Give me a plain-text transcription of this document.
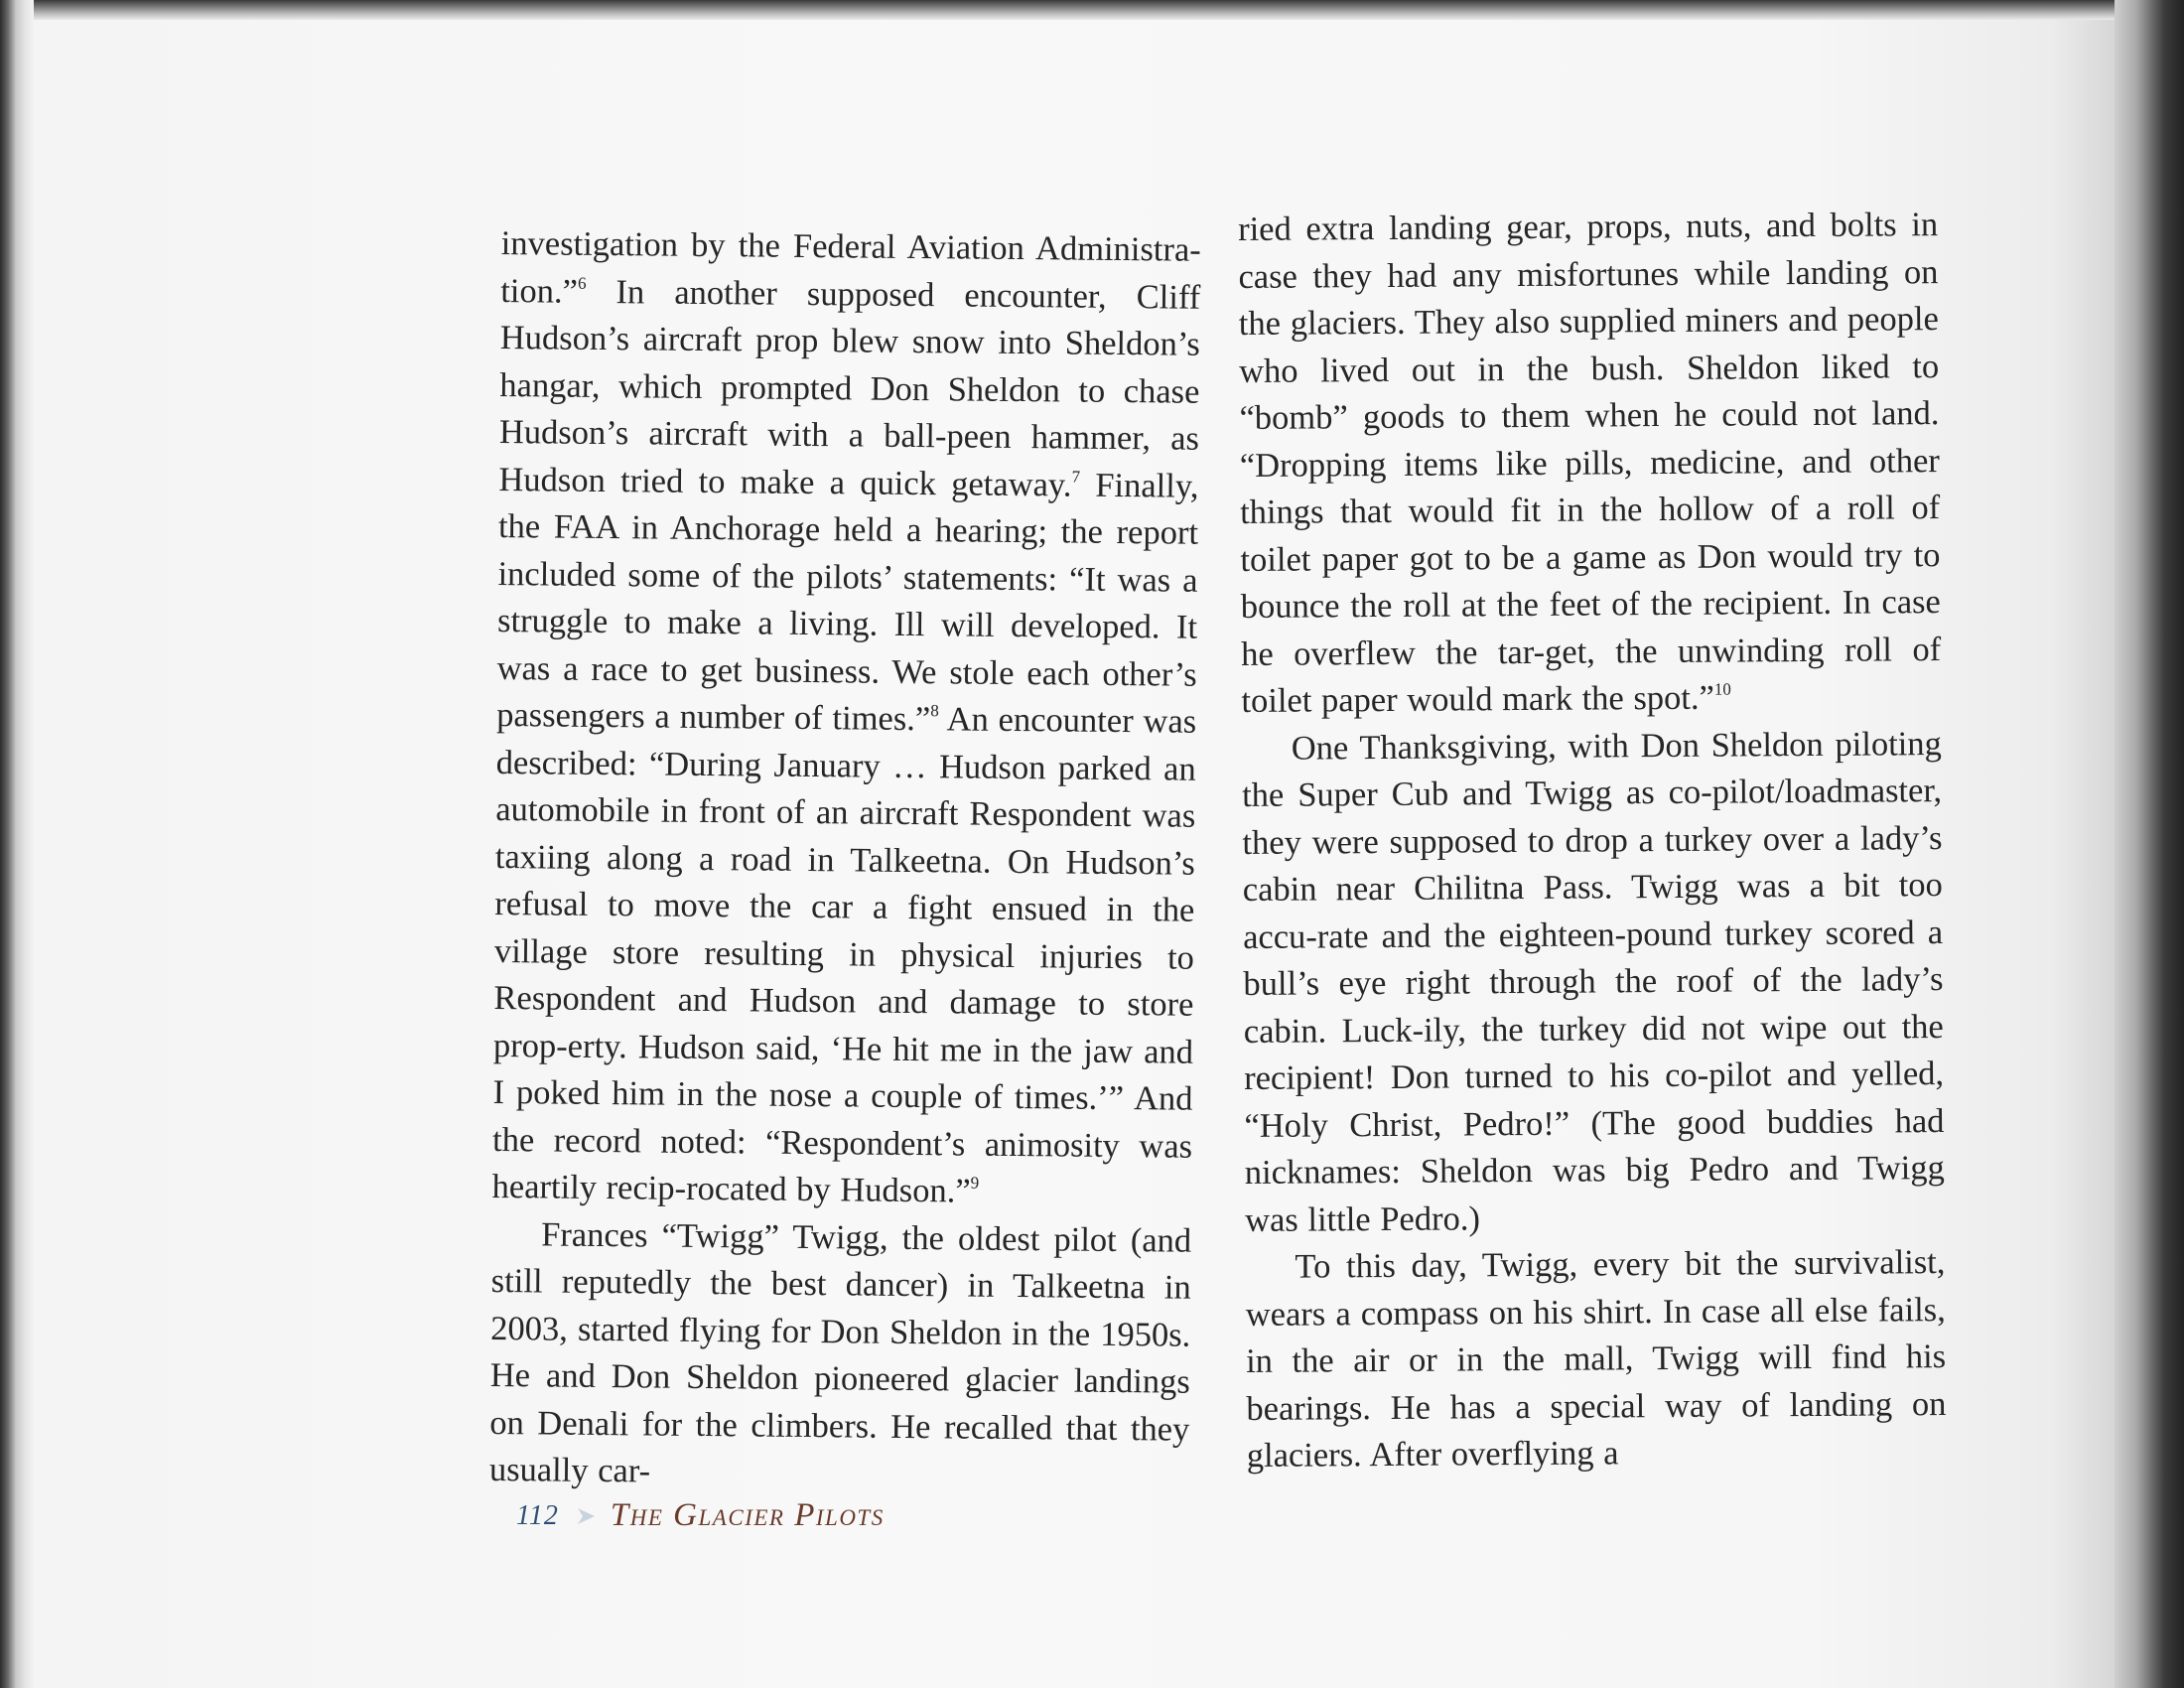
investigation by the Federal Aviation Administra-tion.”$^6$ In another supposed encounter, Cliff Hudson’s aircraft prop blew snow into Sheldon’s hangar, which prompted Don Sheldon to chase Hudson’s aircraft with a ball-peen hammer, as Hudson tried to make a quick getaway.$^7$ Finally, the FAA in Anchorage held a hearing; the report included some of the pilots’ statements: “It was a struggle to make a living. Ill will developed. It was a race to get business. We stole each other’s passengers a number of times.”$^8$ An encounter was described: “During January … Hudson parked an automobile in front of an aircraft Respondent was taxiing along a road in Talkeetna. On Hudson’s refusal to move the car a fight ensued in the village store resulting in physical injuries to Respondent and Hudson and damage to store prop-erty. Hudson said, ‘He hit me in the jaw and I poked him in the nose a couple of times.’” And the record noted: “Respondent’s animosity was heartily recip-rocated by Hudson.”$^9$

Frances “Twigg” Twigg, the oldest pilot (and still reputedly the best dancer) in Talkeetna in 2003, started flying for Don Sheldon in the 1950s. He and Don Sheldon pioneered glacier landings on Denali for the climbers. He recalled that they usually car-

ried extra landing gear, props, nuts, and bolts in case they had any misfortunes while landing on the glaciers. They also supplied miners and people who lived out in the bush. Sheldon liked to “bomb” goods to them when he could not land. “Dropping items like pills, medicine, and other things that would fit in the hollow of a roll of toilet paper got to be a game as Don would try to bounce the roll at the feet of the recipient. In case he overflew the tar-get, the unwinding roll of toilet paper would mark the spot.”$^{10}$

One Thanksgiving, with Don Sheldon piloting the Super Cub and Twigg as co-pilot/loadmaster, they were supposed to drop a turkey over a lady’s cabin near Chilitna Pass. Twigg was a bit too accu-rate and the eighteen-pound turkey scored a bull’s eye right through the roof of the lady’s cabin. Luck-ily, the turkey did not wipe out the recipient! Don turned to his co-pilot and yelled, “Holy Christ, Pedro!” (The good buddies had nicknames: Sheldon was big Pedro and Twigg was little Pedro.)

To this day, Twigg, every bit the survivalist, wears a compass on his shirt. In case all else fails, in the air or in the mall, Twigg will find his bearings. He has a special way of landing on glaciers. After overflying a

112 The Glacier Pilots
